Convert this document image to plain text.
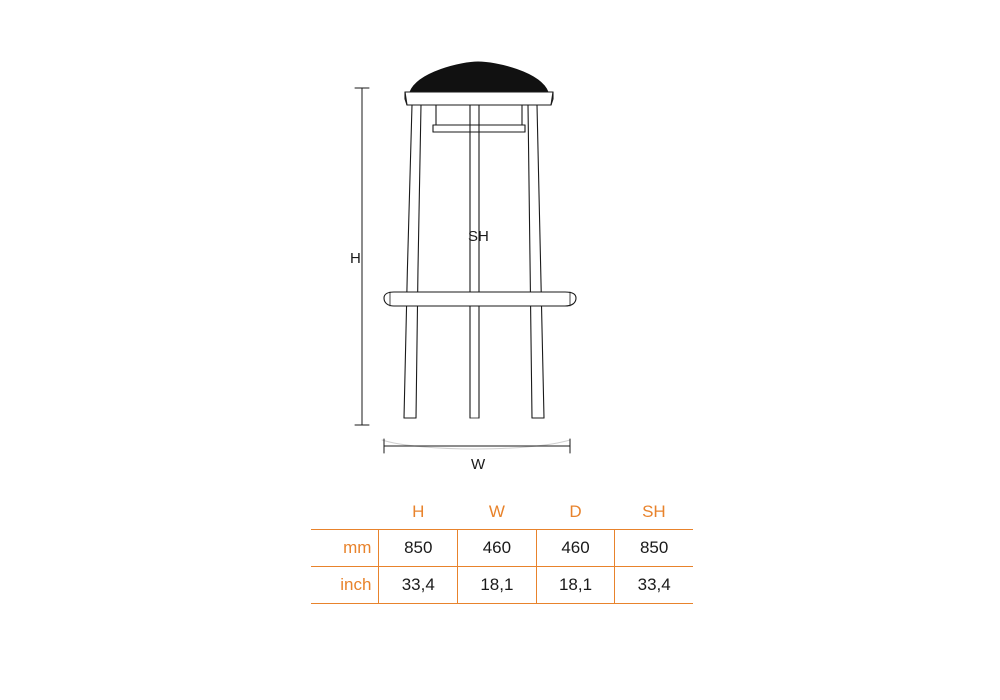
H
W
SH
	H	W	D	SH
mm	850	460	460	850
inch	33,4	18,1	18,1	33,4
